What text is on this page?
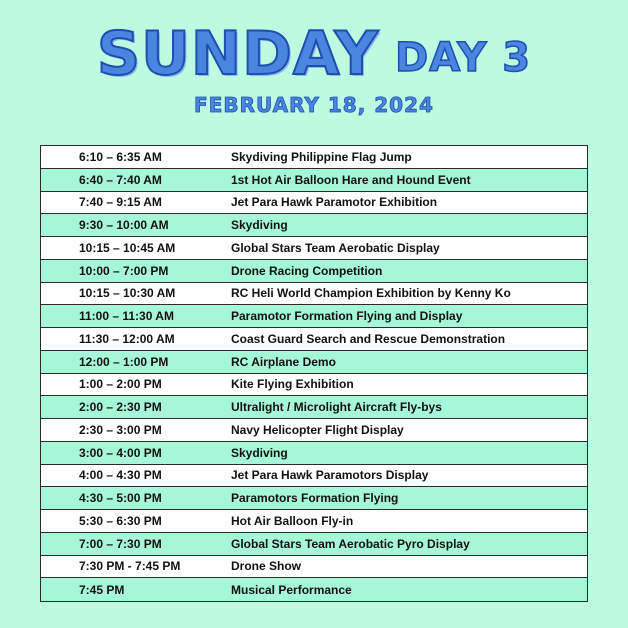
SUNDAY DAY 3
FEBRUARY 18, 2024
6:10 – 6:35 AM	Skydiving Philippine Flag Jump
6:40 – 7:40 AM	1st Hot Air Balloon Hare and Hound Event
7:40 – 9:15 AM	Jet Para Hawk Paramotor Exhibition
9:30 – 10:00 AM	Skydiving
10:15 – 10:45 AM	Global Stars Team Aerobatic Display
10:00 – 7:00 PM	Drone Racing Competition
10:15 – 10:30 AM	RC Heli World Champion Exhibition by Kenny Ko
11:00 – 11:30 AM	Paramotor Formation Flying and Display
11:30 – 12:00 AM	Coast Guard Search and Rescue Demonstration
12:00 – 1:00 PM	RC Airplane Demo
1:00 – 2:00 PM	Kite Flying Exhibition
2:00 – 2:30 PM	Ultralight / Microlight Aircraft Fly-bys
2:30 – 3:00 PM	Navy Helicopter Flight Display
3:00 – 4:00 PM	Skydiving
4:00 – 4:30 PM	Jet Para Hawk Paramotors Display
4:30 – 5:00 PM	Paramotors Formation Flying
5:30 – 6:30 PM	Hot Air Balloon Fly-in
7:00 – 7:30 PM	Global Stars Team Aerobatic Pyro Display
7:30 PM - 7:45 PM	Drone Show
7:45 PM	Musical Performance
